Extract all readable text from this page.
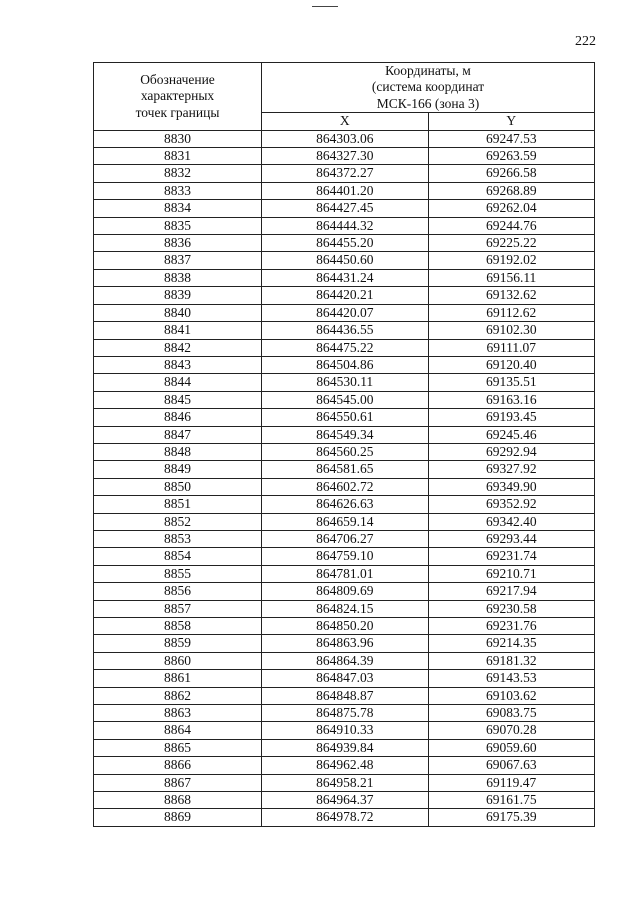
222
Обозначение
характерных
точек границы	Координаты, м
(система координат
МСК-166 (зона 3)	

	X	Y
8830	864303.06	69247.53
8831	864327.30	69263.59
8832	864372.27	69266.58
8833	864401.20	69268.89
8834	864427.45	69262.04
8835	864444.32	69244.76
8836	864455.20	69225.22
8837	864450.60	69192.02
8838	864431.24	69156.11
8839	864420.21	69132.62
8840	864420.07	69112.62
8841	864436.55	69102.30
8842	864475.22	69111.07
8843	864504.86	69120.40
8844	864530.11	69135.51
8845	864545.00	69163.16
8846	864550.61	69193.45
8847	864549.34	69245.46
8848	864560.25	69292.94
8849	864581.65	69327.92
8850	864602.72	69349.90
8851	864626.63	69352.92
8852	864659.14	69342.40
8853	864706.27	69293.44
8854	864759.10	69231.74
8855	864781.01	69210.71
8856	864809.69	69217.94
8857	864824.15	69230.58
8858	864850.20	69231.76
8859	864863.96	69214.35
8860	864864.39	69181.32
8861	864847.03	69143.53
8862	864848.87	69103.62
8863	864875.78	69083.75
8864	864910.33	69070.28
8865	864939.84	69059.60
8866	864962.48	69067.63
8867	864958.21	69119.47
8868	864964.37	69161.75
8869	864978.72	69175.39
